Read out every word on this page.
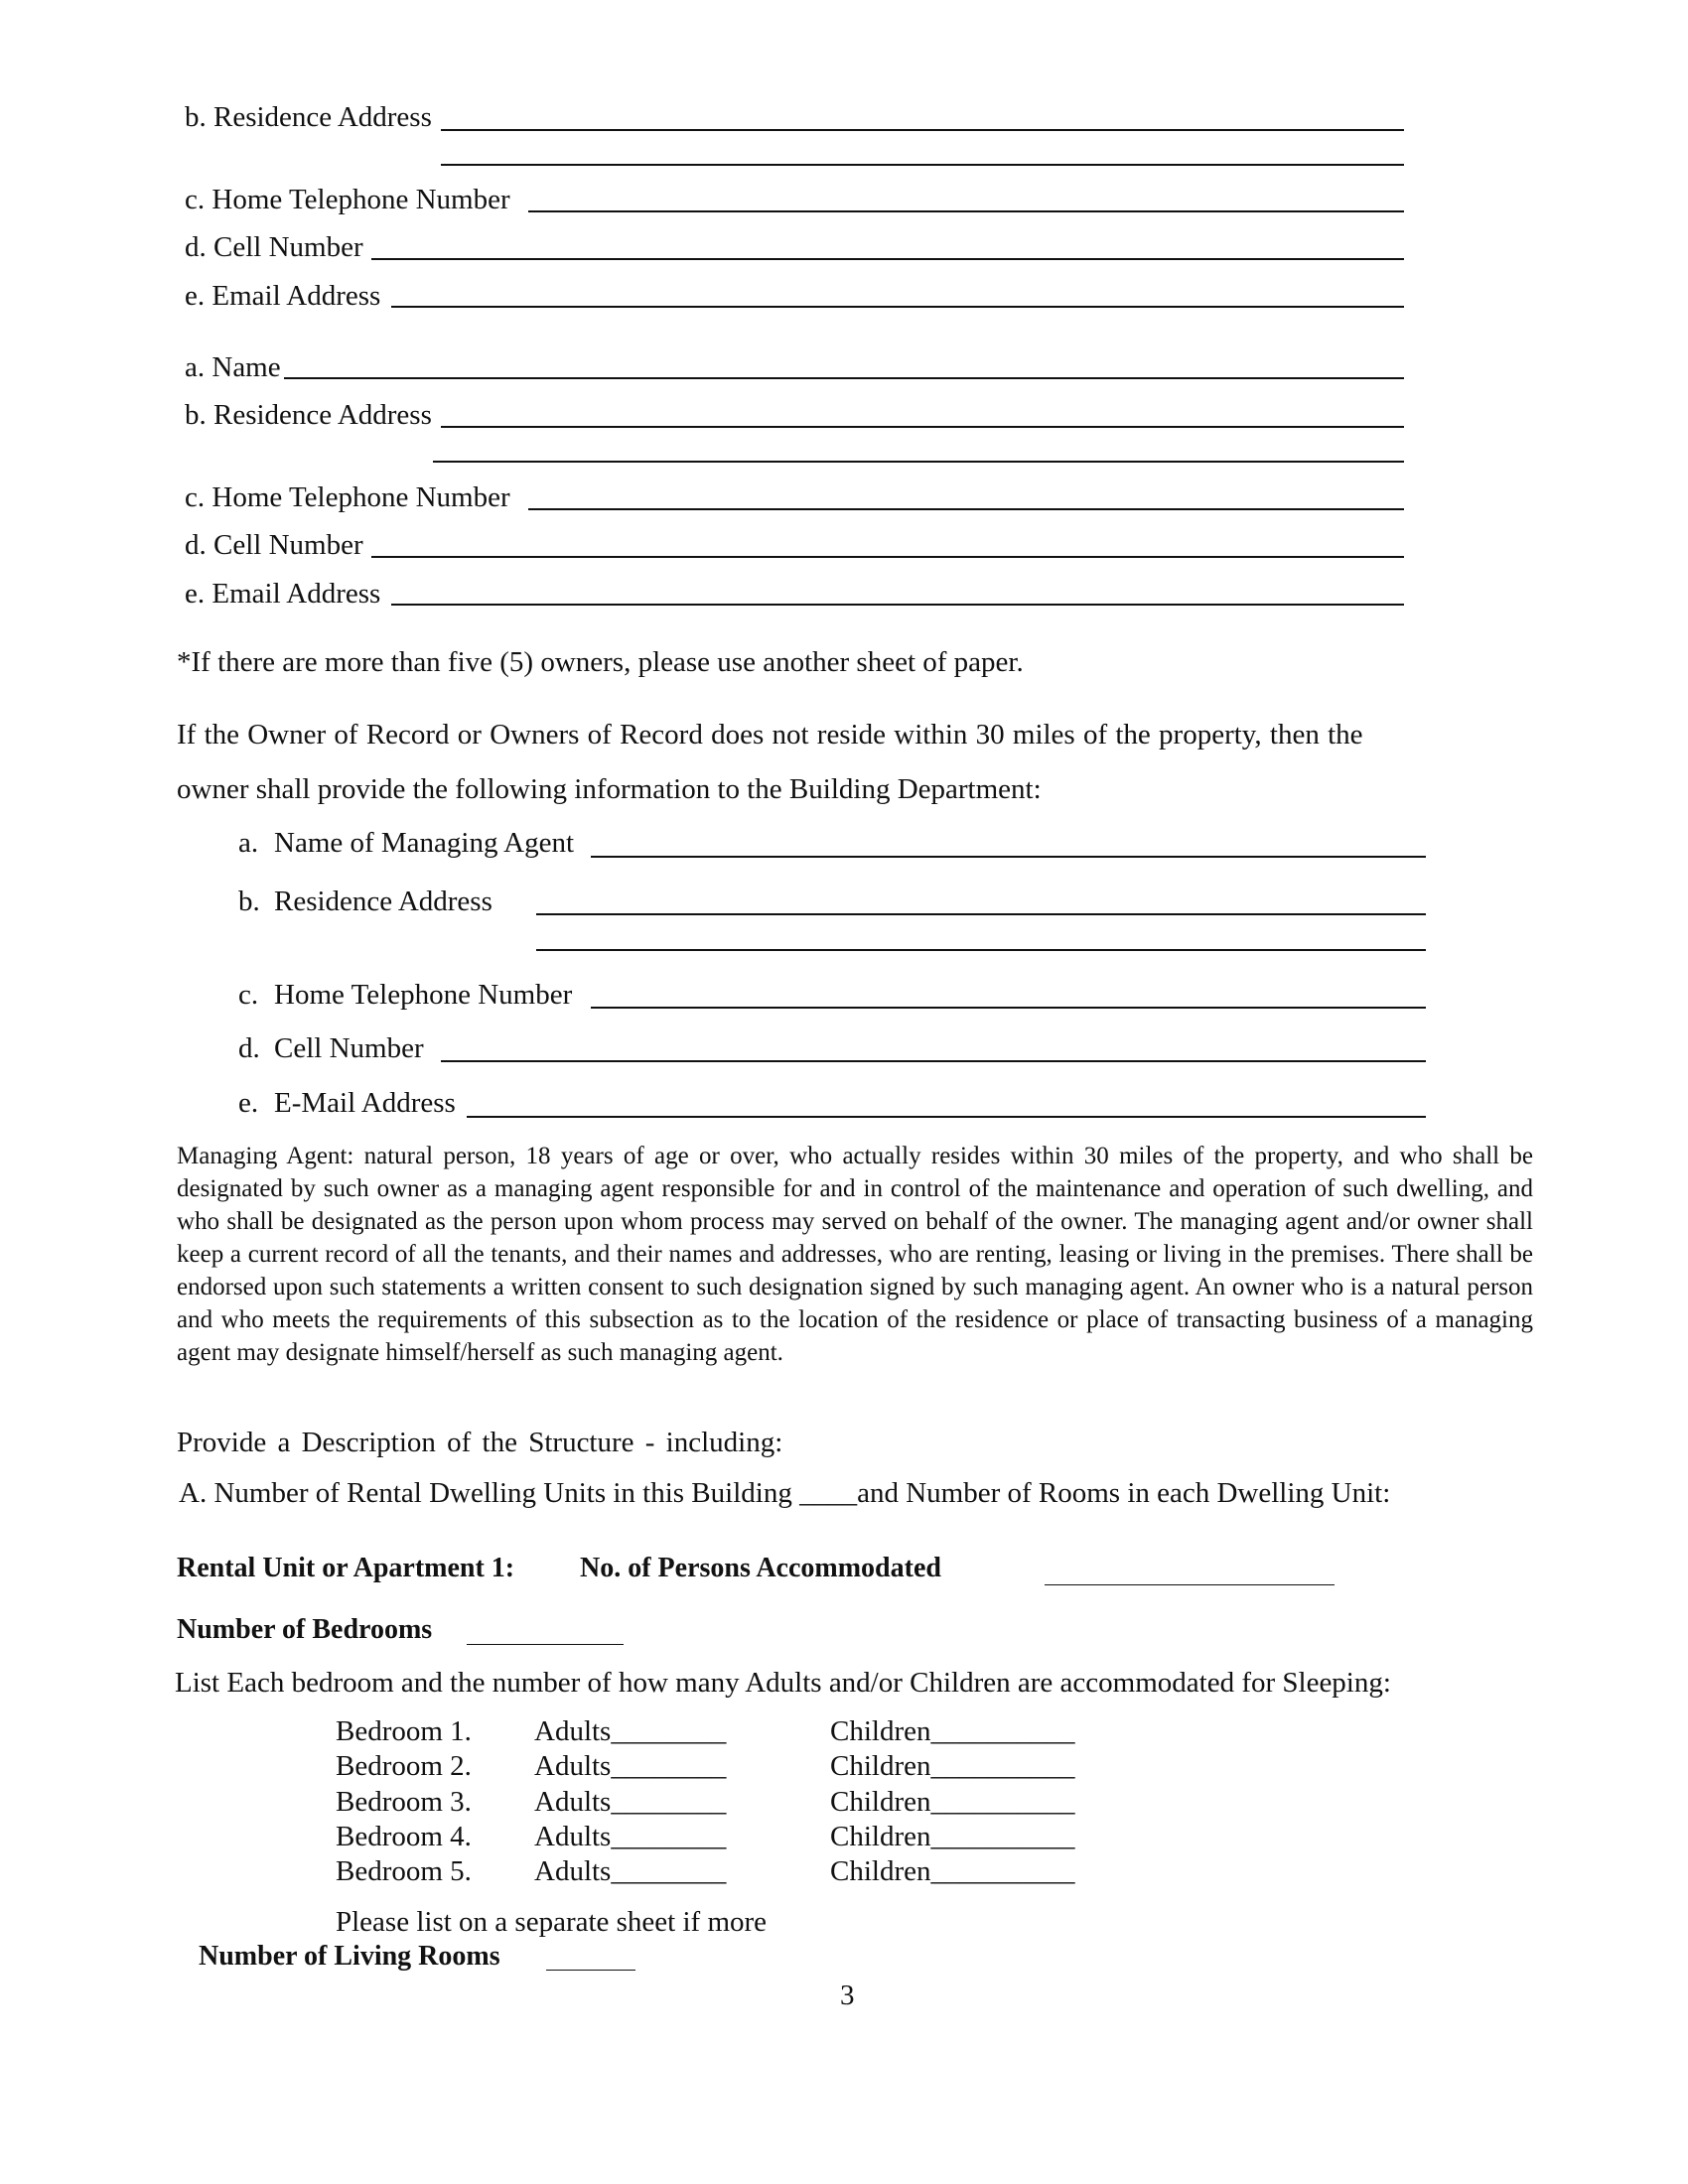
b. Residence Address
c. Home Telephone Number
d. Cell Number
e. Email Address
a. Name
b. Residence Address
c. Home Telephone Number
d. Cell Number
e. Email Address
*If there are more than five (5) owners, please use another sheet of paper.
If the Owner of Record or Owners of Record does not reside within 30 miles of the property, then the
owner shall provide the following information to the Building Department:
a. Name of Managing Agent
b. Residence Address
c. Home Telephone Number
d. Cell Number
e. E-Mail Address
Managing Agent: natural person, 18 years of age or over, who actually resides within 30 miles of the property, and who shall be designated by such owner as a managing agent responsible for and in control of the maintenance and operation of such dwelling, and who shall be designated as the person upon whom process may served on behalf of the owner. The managing agent and/or owner shall keep a current record of all the tenants, and their names and addresses, who are renting, leasing or living in the premises. There shall be endorsed upon such statements a written consent to such designation signed by such managing agent. An owner who is a natural person and who meets the requirements of this subsection as to the location of the residence or place of transacting business of a managing agent may designate himself/herself as such managing agent.
Provide a Description of the Structure - including:
A. Number of Rental Dwelling Units in this Building ____and Number of Rooms in each Dwelling Unit:
Rental Unit or Apartment 1: No. of Persons Accommodated
Number of Bedrooms
List Each bedroom and the number of how many Adults and/or Children are accommodated for Sleeping:
Bedroom 1. Adults________	Children__________
Bedroom 2. Adults________	Children__________
Bedroom 3. Adults________	Children__________
Bedroom 4. Adults________	Children__________
Bedroom 5. Adults________	Children__________
Please list on a separate sheet if more
Number of Living Rooms
3
